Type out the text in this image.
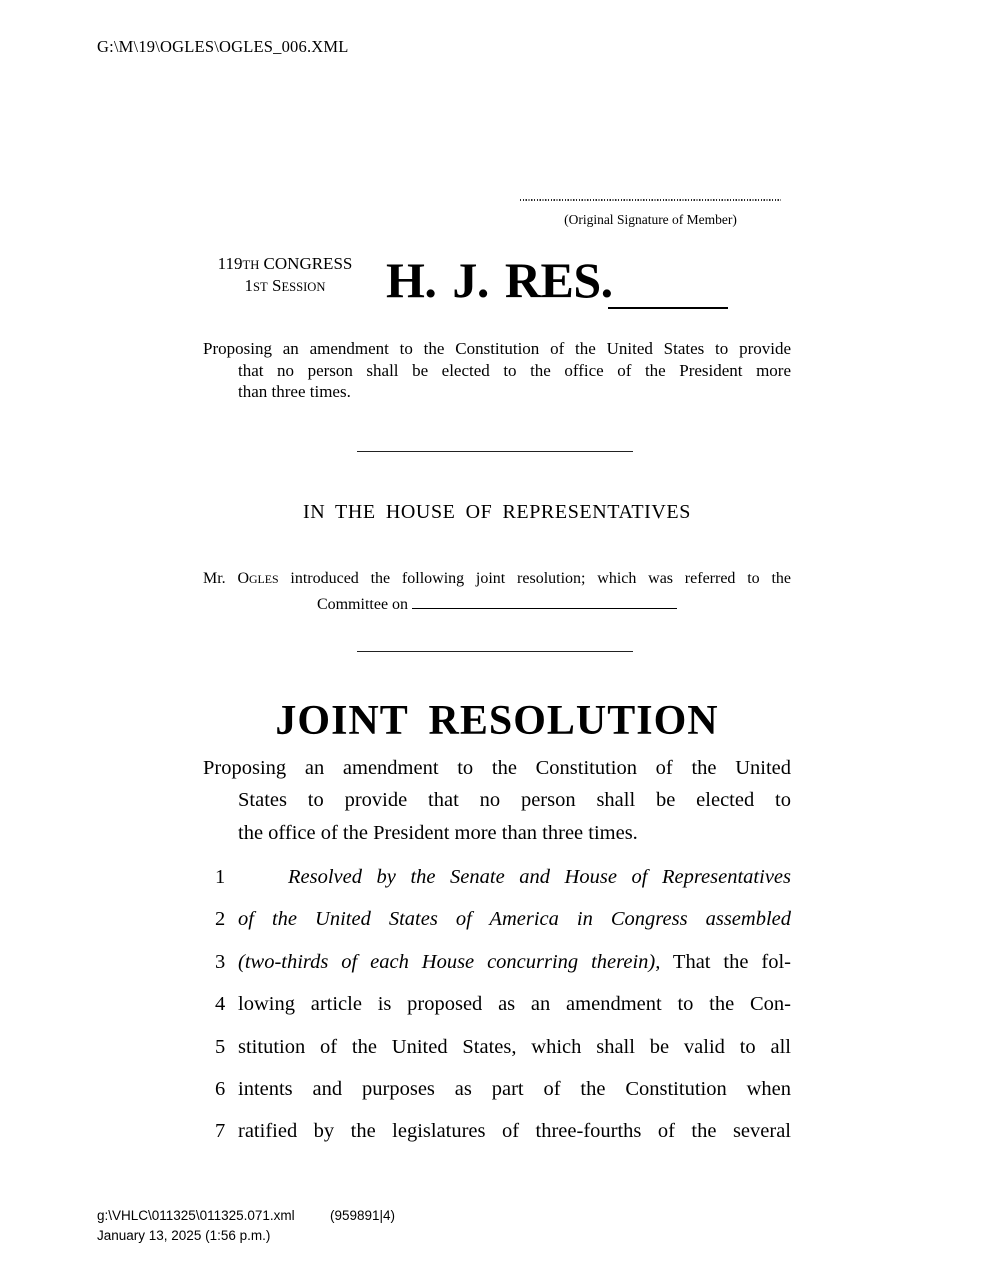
G:\M\19\OGLES\OGLES_006.XML
(Original Signature of Member)
119TH CONGRESS
1ST SESSION	H. J. RES.
Proposing an amendment to the Constitution of the United States to provide
that no person shall be elected to the office of the President more
than three times.
IN THE HOUSE OF REPRESENTATIVES
Mr. OGLES introduced the following joint resolution; which was referred to the
Committee on
JOINT RESOLUTION
Proposing an amendment to the Constitution of the United
States to provide that no person shall be elected to
the office of the President more than three times.
1	Resolved by the Senate and House of Representatives
2 of the United States of America in Congress assembled
3 (two-thirds of each House concurring therein), That the fol-
4 lowing article is proposed as an amendment to the Con-
5 stitution of the United States, which shall be valid to all
6 intents and purposes as part of the Constitution when
7 ratified by the legislatures of three-fourths of the several
g:\VHLC\011325\011325.071.xml	(959891|4)
January 13, 2025 (1:56 p.m.)
